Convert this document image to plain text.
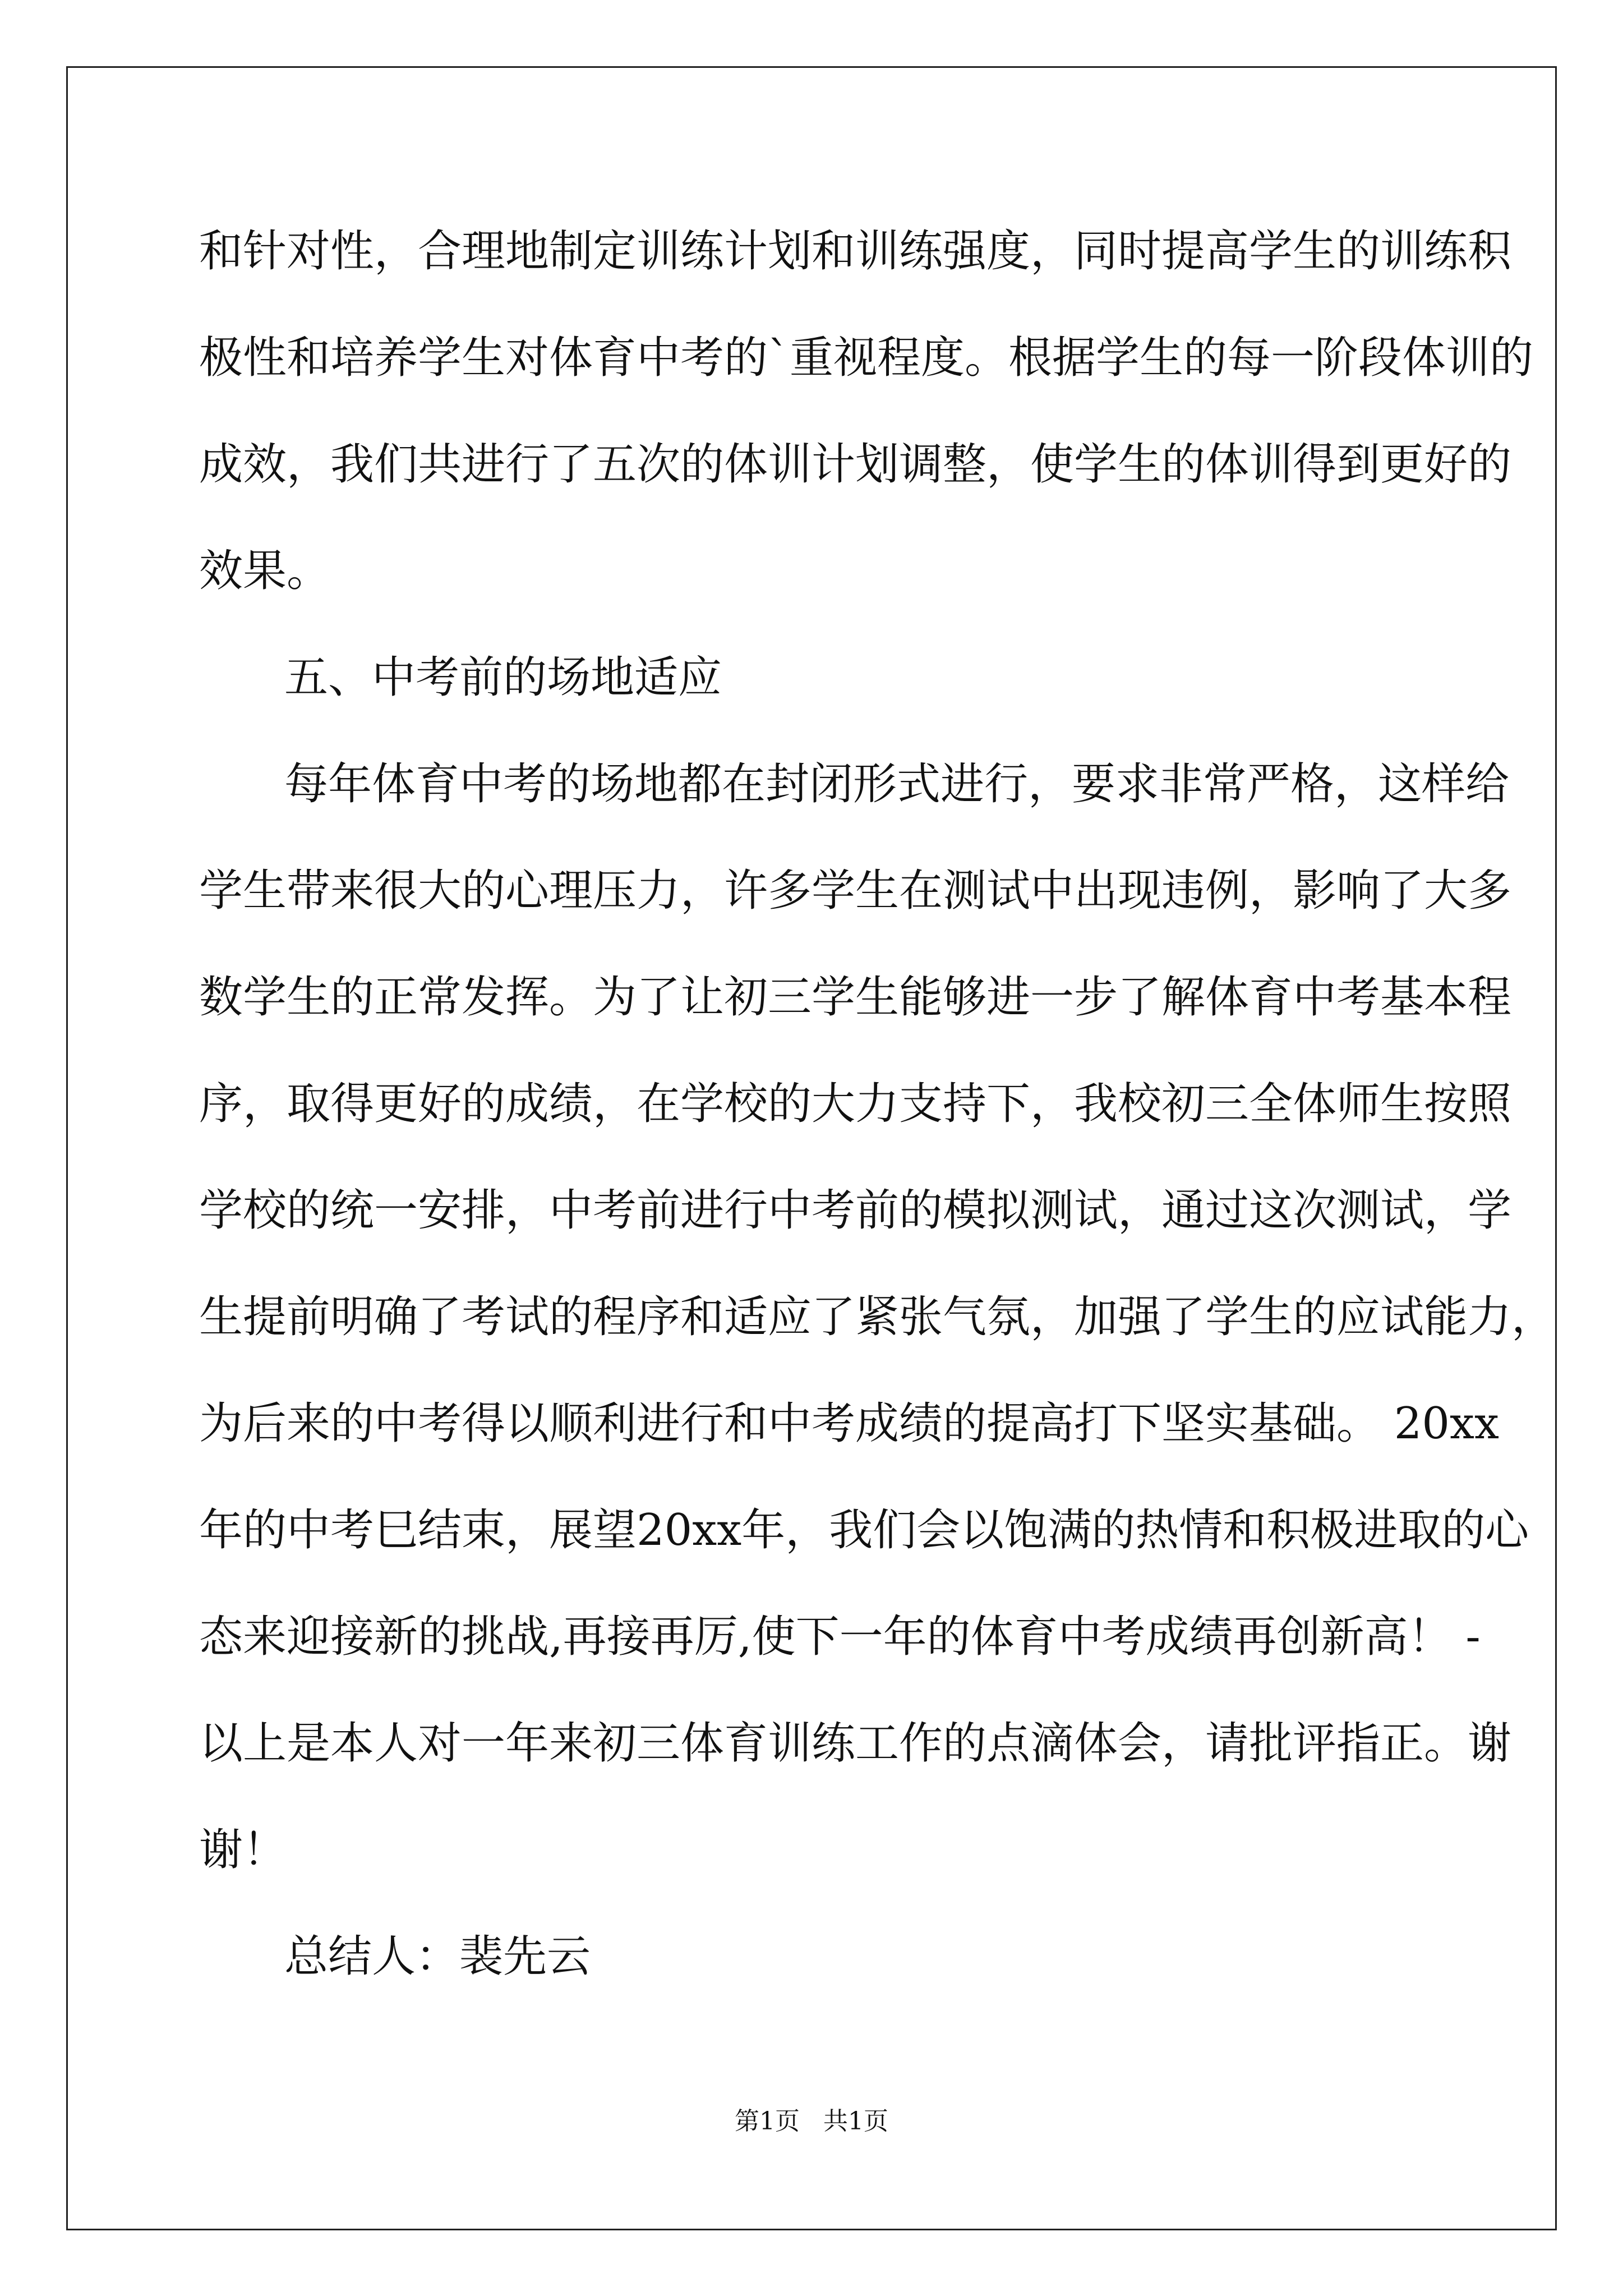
和针对性，合理地制定训练计划和训练强度，同时提高学生的训练积
极性和培养学生对体育中考的`重视程度。根据学生的每一阶段体训的
成效，我们共进行了五次的体训计划调整，使学生的体训得到更好的
效果。
五、中考前的场地适应
每年体育中考的场地都在封闭形式进行，要求非常严格，这样给
学生带来很大的心理压力，许多学生在测试中出现违例，影响了大多
数学生的正常发挥。为了让初三学生能够进一步了解体育中考基本程
序，取得更好的成绩，在学校的大力支持下，我校初三全体师生按照
学校的统一安排，中考前进行中考前的模拟测试，通过这次测试，学
生提前明确了考试的程序和适应了紧张气氛，加强了学生的应试能力，
为后来的中考得以顺利进行和中考成绩的提高打下坚实基础。 20xx
年的中考巳结束，展望20xx年，我们会以饱满的热情和积极进取的心
态来迎接新的挑战,再接再厉,使下一年的体育中考成绩再创新高！ -
以上是本人对一年来初三体育训练工作的点滴体会，请批评指正。谢
谢！
总结人：裴先云
第1页   共1页
